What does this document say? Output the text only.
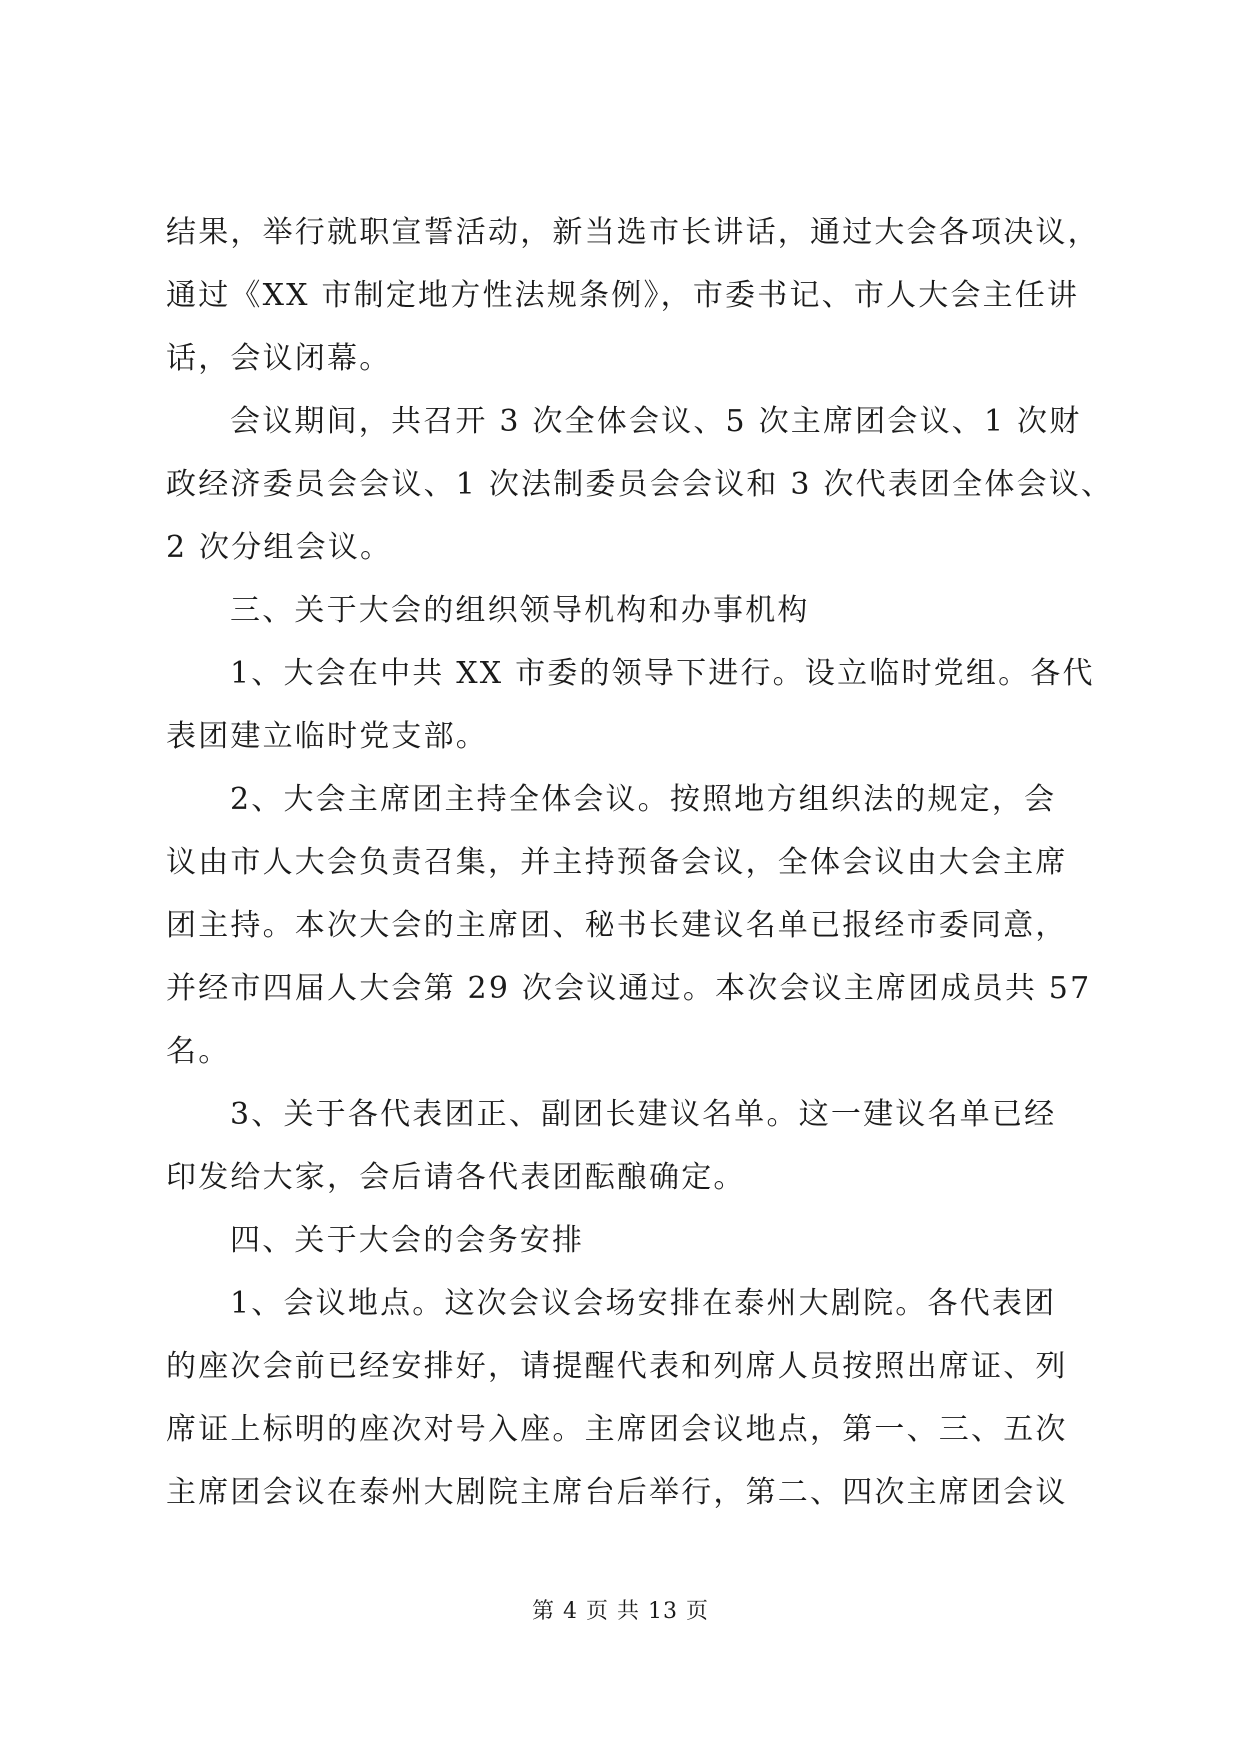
结果，举行就职宣誓活动，新当选市长讲话，通过大会各项决议，
通过《XX 市制定地方性法规条例》，市委书记、市人大会主任讲
话，会议闭幕。
会议期间，共召开 3 次全体会议、5 次主席团会议、1 次财
政经济委员会会议、1 次法制委员会会议和 3 次代表团全体会议、
2 次分组会议。
三、关于大会的组织领导机构和办事机构
1、大会在中共 XX 市委的领导下进行。设立临时党组。各代
表团建立临时党支部。
2、大会主席团主持全体会议。按照地方组织法的规定，会
议由市人大会负责召集，并主持预备会议，全体会议由大会主席
团主持。本次大会的主席团、秘书长建议名单已报经市委同意，
并经市四届人大会第 29 次会议通过。本次会议主席团成员共 57
名。
3、关于各代表团正、副团长建议名单。这一建议名单已经
印发给大家，会后请各代表团酝酿确定。
四、关于大会的会务安排
1、会议地点。这次会议会场安排在泰州大剧院。各代表团
的座次会前已经安排好，请提醒代表和列席人员按照出席证、列
席证上标明的座次对号入座。主席团会议地点，第一、三、五次
主席团会议在泰州大剧院主席台后举行，第二、四次主席团会议
第 4 页 共 13 页
